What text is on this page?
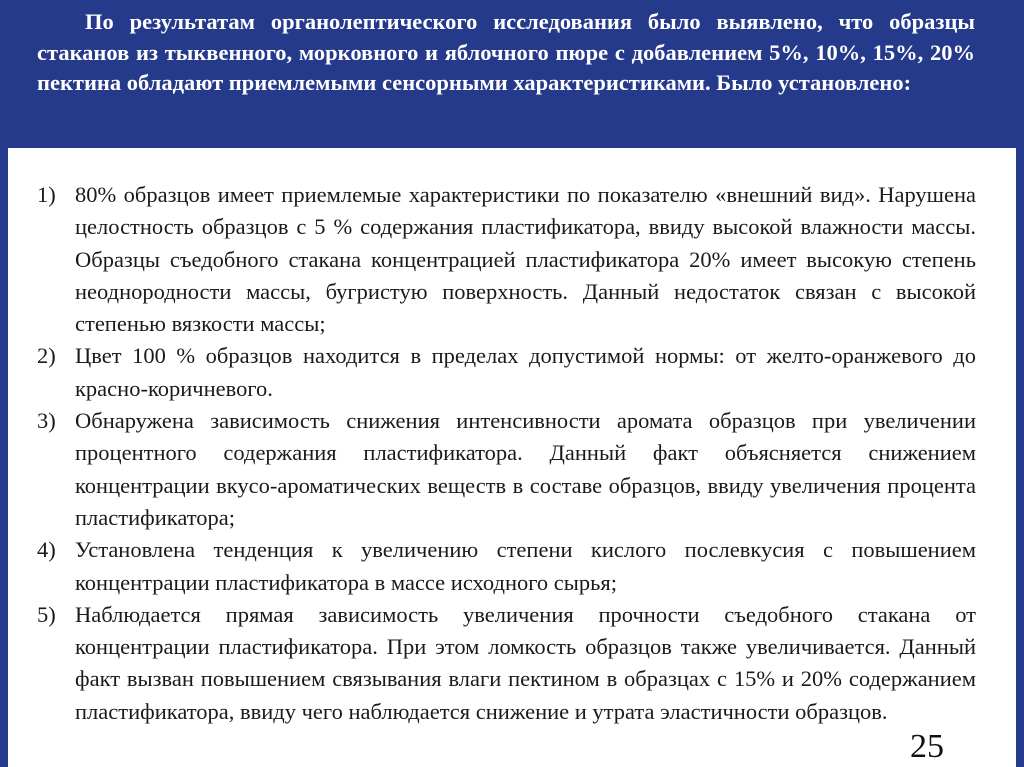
По результатам органолептического исследования было выявлено, что образцы стаканов из тыквенного, морковного и яблочного пюре с добавлением 5%, 10%, 15%, 20% пектина обладают приемлемыми сенсорными характеристиками. Было установлено:

1) 80% образцов имеет приемлемые характеристики по показателю «внешний вид». Нарушена целостность образцов с 5 % содержания пластификатора, ввиду высокой влажности массы. Образцы съедобного стакана концентрацией пластификатора 20% имеет высокую степень неоднородности массы, бугристую поверхность. Данный недостаток связан с высокой степенью вязкости массы;
2) Цвет 100 % образцов находится в пределах допустимой нормы: от желто-оранжевого до красно-коричневого.
3) Обнаружена зависимость снижения интенсивности аромата образцов при увеличении процентного содержания пластификатора. Данный факт объясняется снижением концентрации вкусо-ароматических веществ в составе образцов, ввиду увеличения процента пластификатора;
4) Установлена тенденция к увеличению степени кислого послевкусия с повышением концентрации пластификатора в массе исходного сырья;
5) Наблюдается прямая зависимость увеличения прочности съедобного стакана от концентрации пластификатора. При этом ломкость образцов также увеличивается. Данный факт вызван повышением связывания влаги пектином в образцах с 15% и 20% содержанием пластификатора, ввиду чего наблюдается снижение и утрата эластичности образцов.
25
